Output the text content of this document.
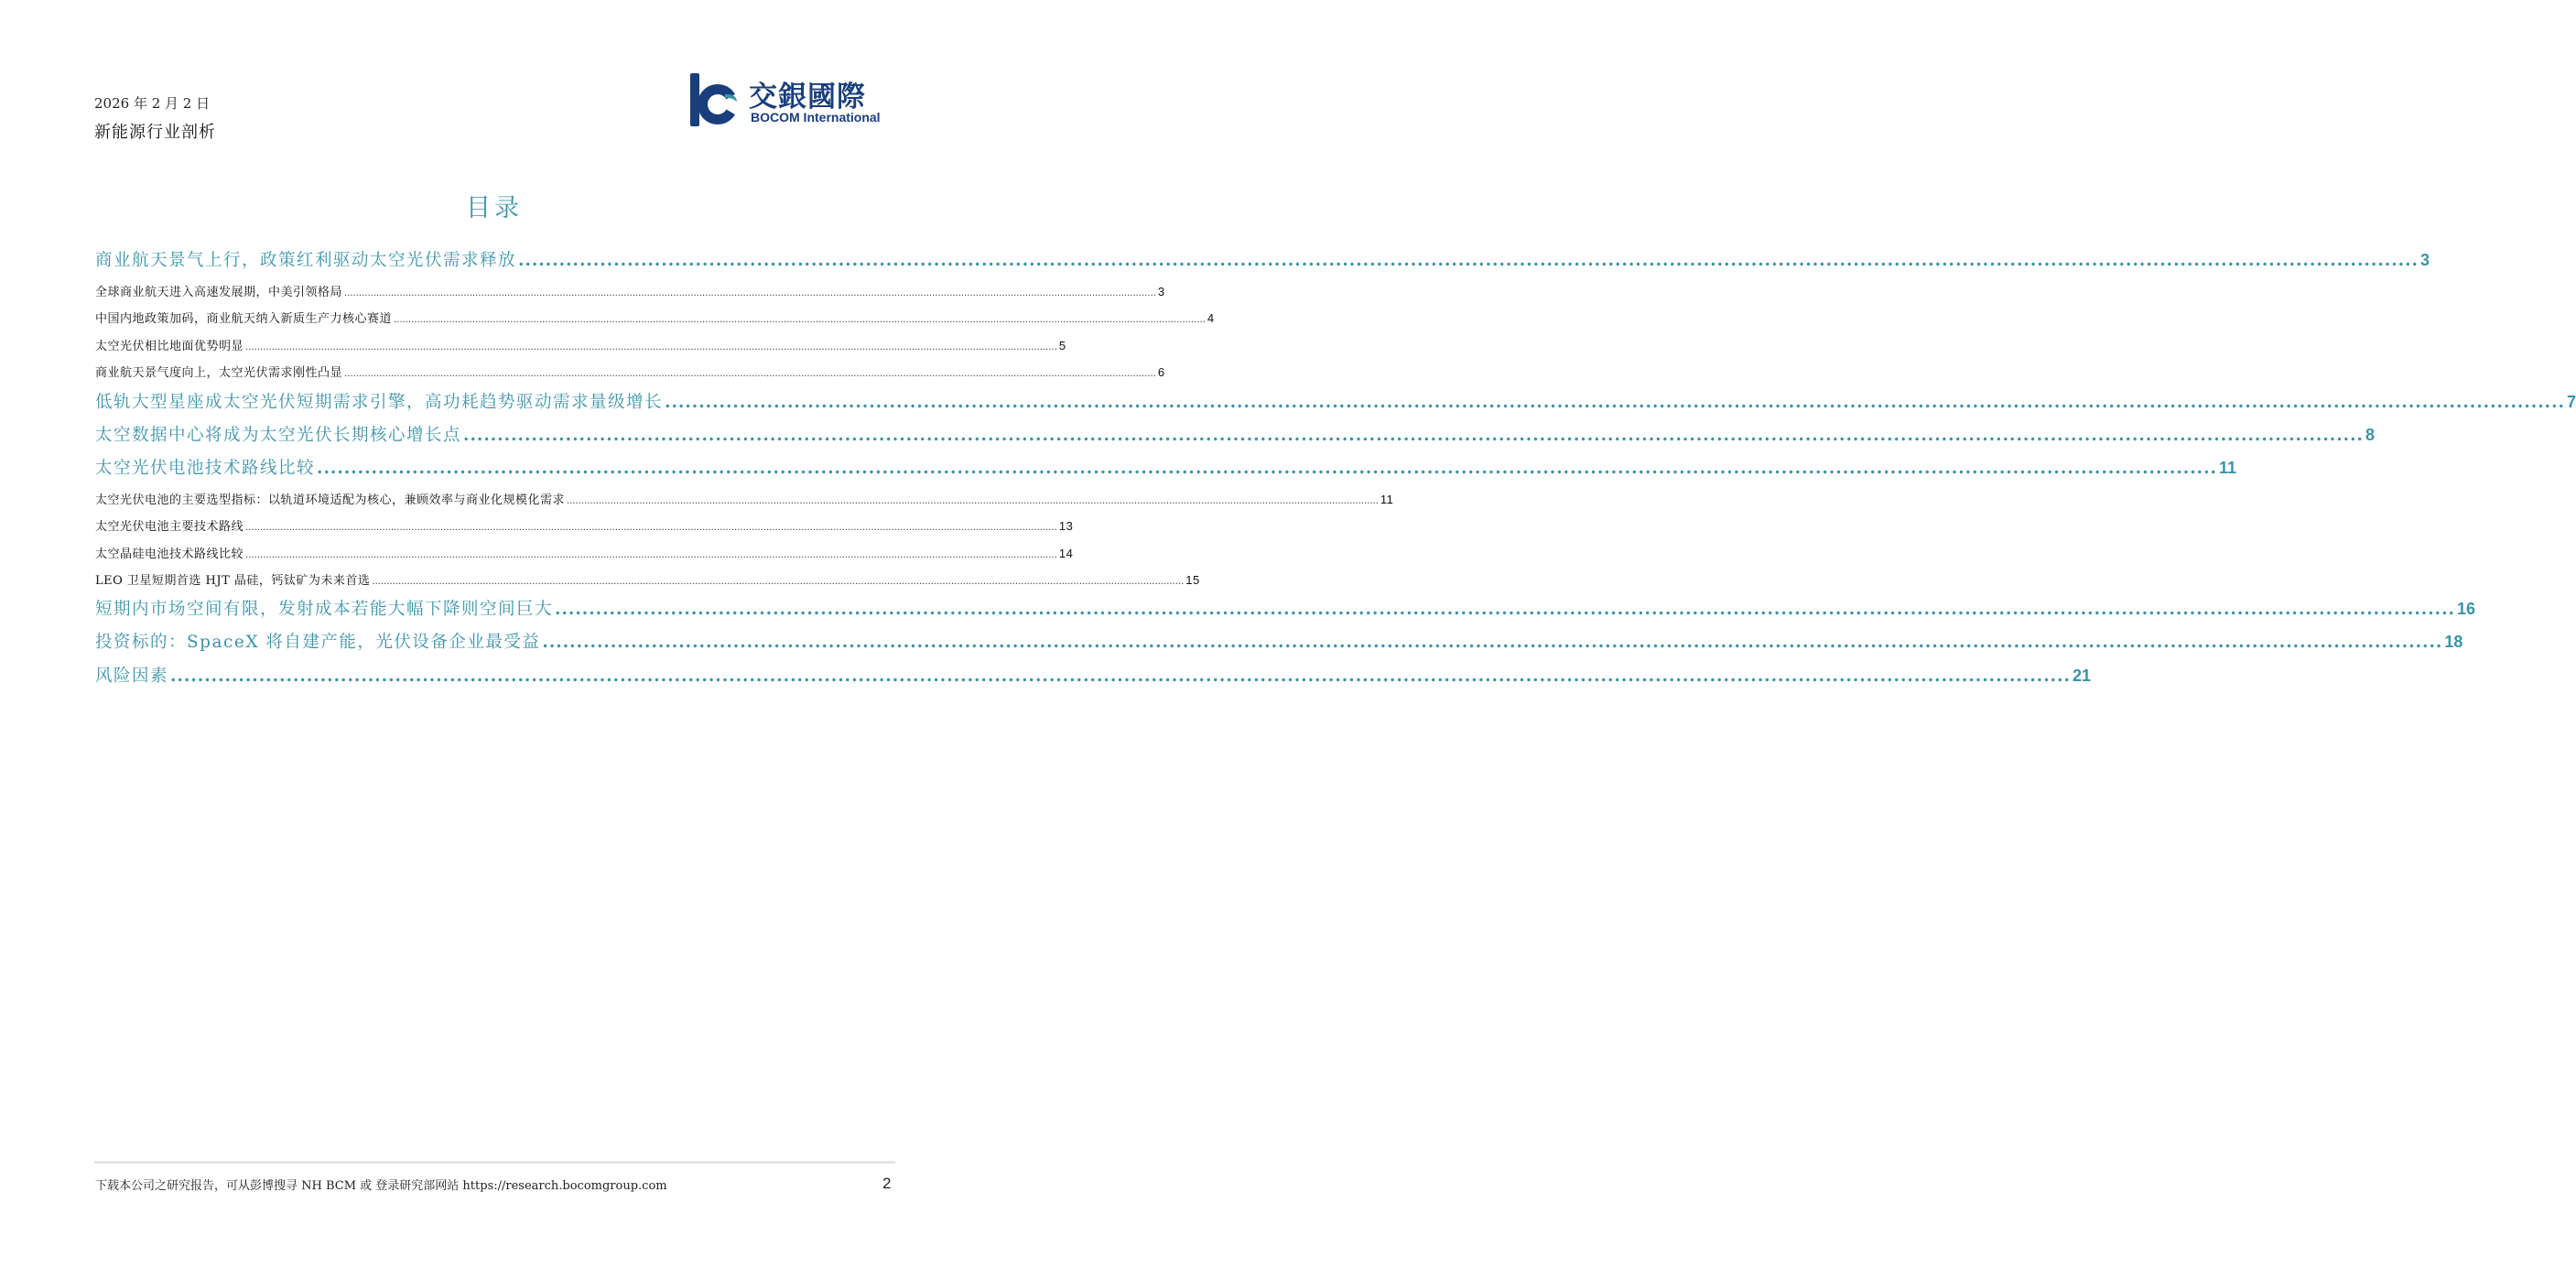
2026 年 2 月 2 日
新能源行业剖析
交銀國際
BOCOM International
目录
商业航天景气上行，政策红利驱动太空光伏需求释放 .....	3
全球商业航天进入高速发展期，中美引领格局 .....	3
中国内地政策加码，商业航天纳入新质生产力核心赛道 .....	4
太空光伏相比地面优势明显 .....	5
商业航天景气度向上，太空光伏需求刚性凸显 .....	6
低轨大型星座成太空光伏短期需求引擎，高功耗趋势驱动需求量级增长 .....	7
太空数据中心将成为太空光伏长期核心增长点 .....	8
太空光伏电池技术路线比较 .....	11
太空光伏电池的主要选型指标：以轨道环境适配为核心，兼顾效率与商业化规模化需求 .....	11
太空光伏电池主要技术路线 .....	13
太空晶硅电池技术路线比较 .....	14
LEO 卫星短期首选 HJT 晶硅，钙钛矿为未来首选 .....	15
短期内市场空间有限，发射成本若能大幅下降则空间巨大 .....	16
投资标的：SpaceX 将自建产能，光伏设备企业最受益 .....	18
风险因素 .....	21
下载本公司之研究报告，可从彭博搜寻 NH BCM 或 登录研究部网站 https://research.bocomgroup.com	2
